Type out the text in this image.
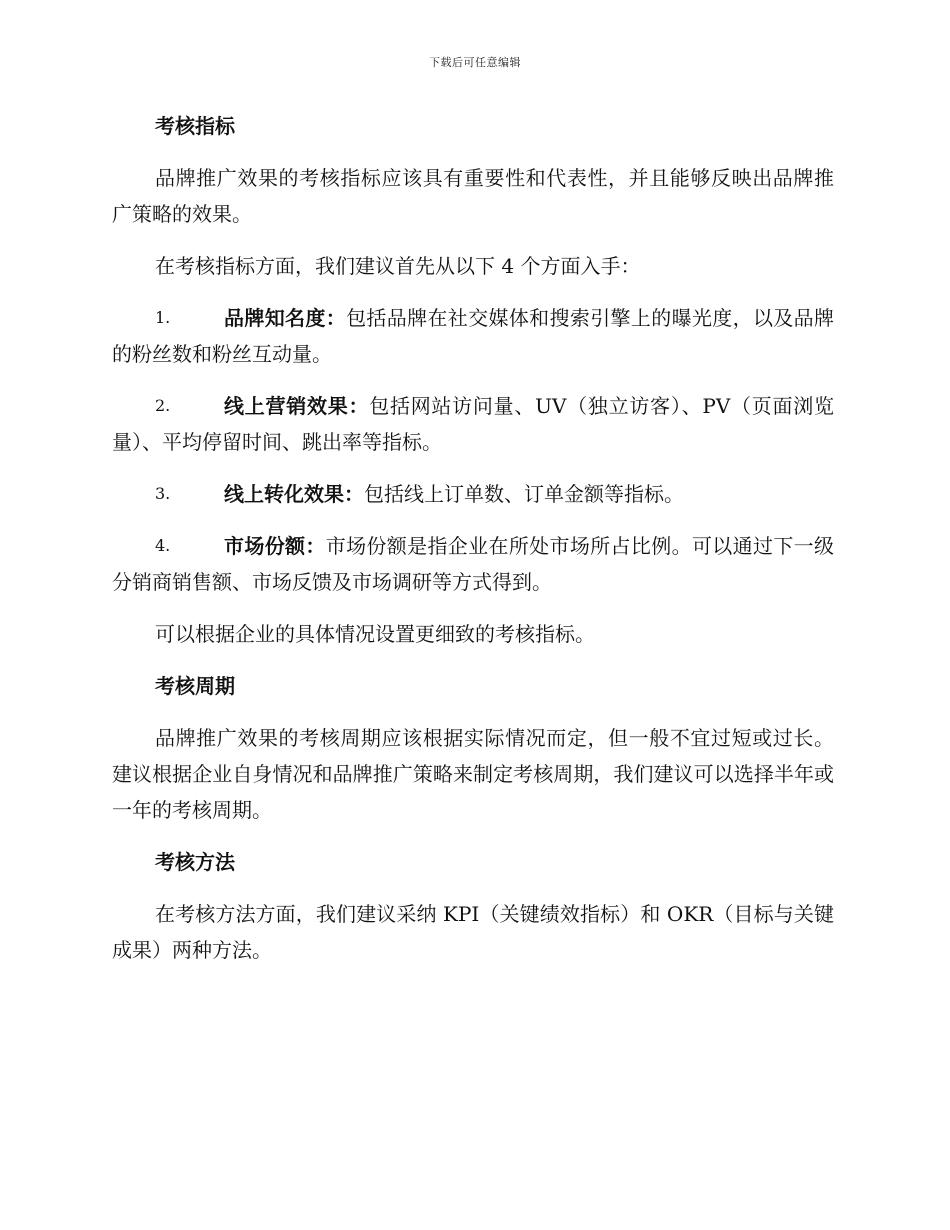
下载后可任意编辑
考核指标
品牌推广效果的考核指标应该具有重要性和代表性，并且能够反映出品牌推广策略的效果。
在考核指标方面，我们建议首先从以下 4 个方面入手：
1.	品牌知名度：包括品牌在社交媒体和搜索引擎上的曝光度，以及品牌的粉丝数和粉丝互动量。
2.	线上营销效果：包括网站访问量、UV（独立访客）、PV（页面浏览量）、平均停留时间、跳出率等指标。
3.	线上转化效果：包括线上订单数、订单金额等指标。
4.	市场份额：市场份额是指企业在所处市场所占比例。可以通过下一级分销商销售额、市场反馈及市场调研等方式得到。
可以根据企业的具体情况设置更细致的考核指标。
考核周期
品牌推广效果的考核周期应该根据实际情况而定，但一般不宜过短或过长。建议根据企业自身情况和品牌推广策略来制定考核周期，我们建议可以选择半年或一年的考核周期。
考核方法
在考核方法方面，我们建议采纳 KPI（关键绩效指标）和 OKR（目标与关键成果）两种方法。
